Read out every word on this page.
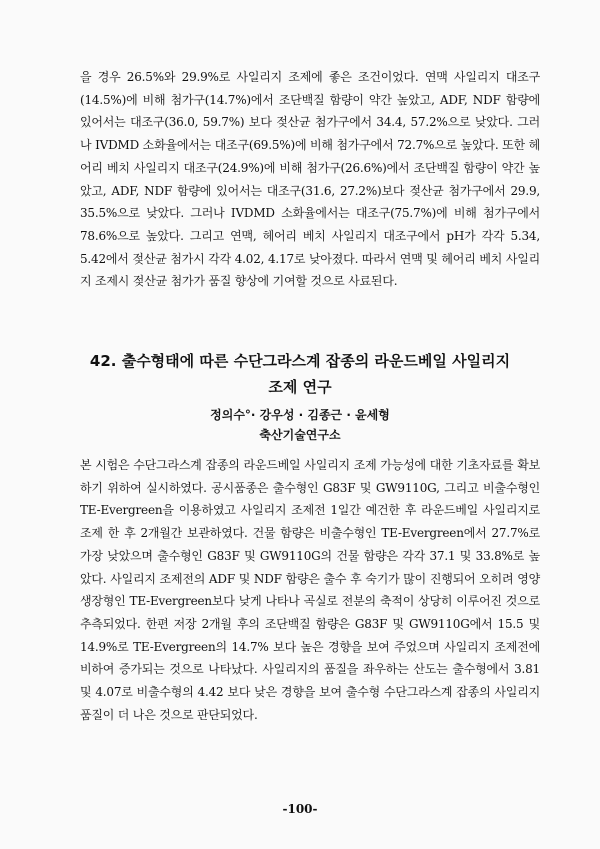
을 경우 26.5%와 29.9%로 사일리지 조제에 좋은 조건이었다. 연맥 사일리지 대조구(14.5%)에 비해 첨가구(14.7%)에서 조단백질 함량이 약간 높았고, ADF, NDF 함량에 있어서는 대조구(36.0, 59.7%) 보다 젖산균 첨가구에서 34.4, 57.2%으로 낮았다. 그러나 IVDMD 소화율에서는 대조구(69.5%)에 비해 첨가구에서 72.7%으로 높았다. 또한 헤어리 베치 사일리지 대조구(24.9%)에 비해 첨가구(26.6%)에서 조단백질 함량이 약간 높았고, ADF, NDF 함량에 있어서는 대조구(31.6, 27.2%)보다 젖산균 첨가구에서 29.9, 35.5%으로 낮았다. 그러나 IVDMD 소화율에서는 대조구(75.7%)에 비해 첨가구에서 78.6%으로 높았다. 그리고 연맥, 헤어리 베치 사일리지 대조구에서 pH가 각각 5.34, 5.42에서 젖산균 첨가시 각각 4.02, 4.17로 낮아졌다. 따라서 연맥 및 헤어리 베치 사일리지 조제시 젖산균 첨가가 품질 향상에 기여할 것으로 사료된다.

42. 출수형태에 따른 수단그라스계 잡종의 라운드베일 사일리지
조제 연구
정의수°· 강우성 · 김종근 · 윤세형
축산기술연구소

본 시험은 수단그라스계 잡종의 라운드베일 사일리지 조제 가능성에 대한 기초자료를 확보하기 위하여 실시하였다. 공시품종은 출수형인 G83F 및 GW9110G, 그리고 비출수형인 TE-Evergreen을 이용하였고 사일리지 조제전 1일간 예건한 후 라운드베일 사일리지로 조제 한 후 2개월간 보관하였다. 건물 함량은 비출수형인 TE-Evergreen에서 27.7%로 가장 낮았으며 출수형인 G83F 및 GW9110G의 건물 함량은 각각 37.1 및 33.8%로 높았다. 사일리지 조제전의 ADF 및 NDF 함량은 출수 후 숙기가 많이 진행되어 오히려 영양생장형인 TE-Evergreen보다 낮게 나타나 곡실로 전분의 축적이 상당히 이루어진 것으로 추측되었다. 한편 저장 2개월 후의 조단백질 함량은 G83F 및 GW9110G에서 15.5 및 14.9%로 TE-Evergreen의 14.7% 보다 높은 경향을 보여 주었으며 사일리지 조제전에 비하여 증가되는 것으로 나타났다. 사일리지의 품질을 좌우하는 산도는 출수형에서 3.81 및 4.07로 비출수형의 4.42 보다 낮은 경향을 보여 출수형 수단그라스계 잡종의 사일리지 품질이 더 나은 것으로 판단되었다.

-100-
